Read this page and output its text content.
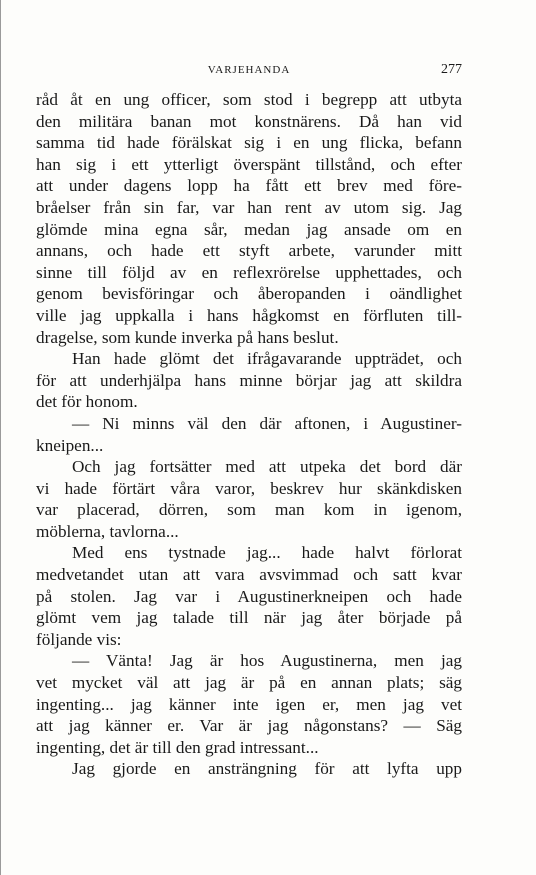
VARJEHANDA	277
råd åt en ung officer, som stod i begrepp att utbyta
den militära banan mot konstnärens. Då han vid
samma tid hade förälskat sig i en ung flicka, befann
han sig i ett ytterligt överspänt tillstånd, och efter
att under dagens lopp ha fått ett brev med före-
bråelser från sin far, var han rent av utom sig. Jag
glömde mina egna sår, medan jag ansade om en
annans, och hade ett styft arbete, varunder mitt
sinne till följd av en reflexrörelse upphettades, och
genom bevisföringar och åberopanden i oändlighet
ville jag uppkalla i hans hågkomst en förfluten till-
dragelse, som kunde inverka på hans beslut.
Han hade glömt det ifrågavarande uppträdet, och
för att underhjälpa hans minne börjar jag att skildra
det för honom.
— Ni minns väl den där aftonen, i Augustiner-
kneipen...
Och jag fortsätter med att utpeka det bord där
vi hade förtärt våra varor, beskrev hur skänkdisken
var placerad, dörren, som man kom in igenom,
möblerna, tavlorna...
Med ens tystnade jag... hade halvt förlorat
medvetandet utan att vara avsvimmad och satt kvar
på stolen. Jag var i Augustinerkneipen och hade
glömt vem jag talade till när jag åter började på
följande vis:
— Vänta! Jag är hos Augustinerna, men jag
vet mycket väl att jag är på en annan plats; säg
ingenting... jag känner inte igen er, men jag vet
att jag känner er. Var är jag någonstans? — Säg
ingenting, det är till den grad intressant...
Jag gjorde en ansträngning för att lyfta upp
